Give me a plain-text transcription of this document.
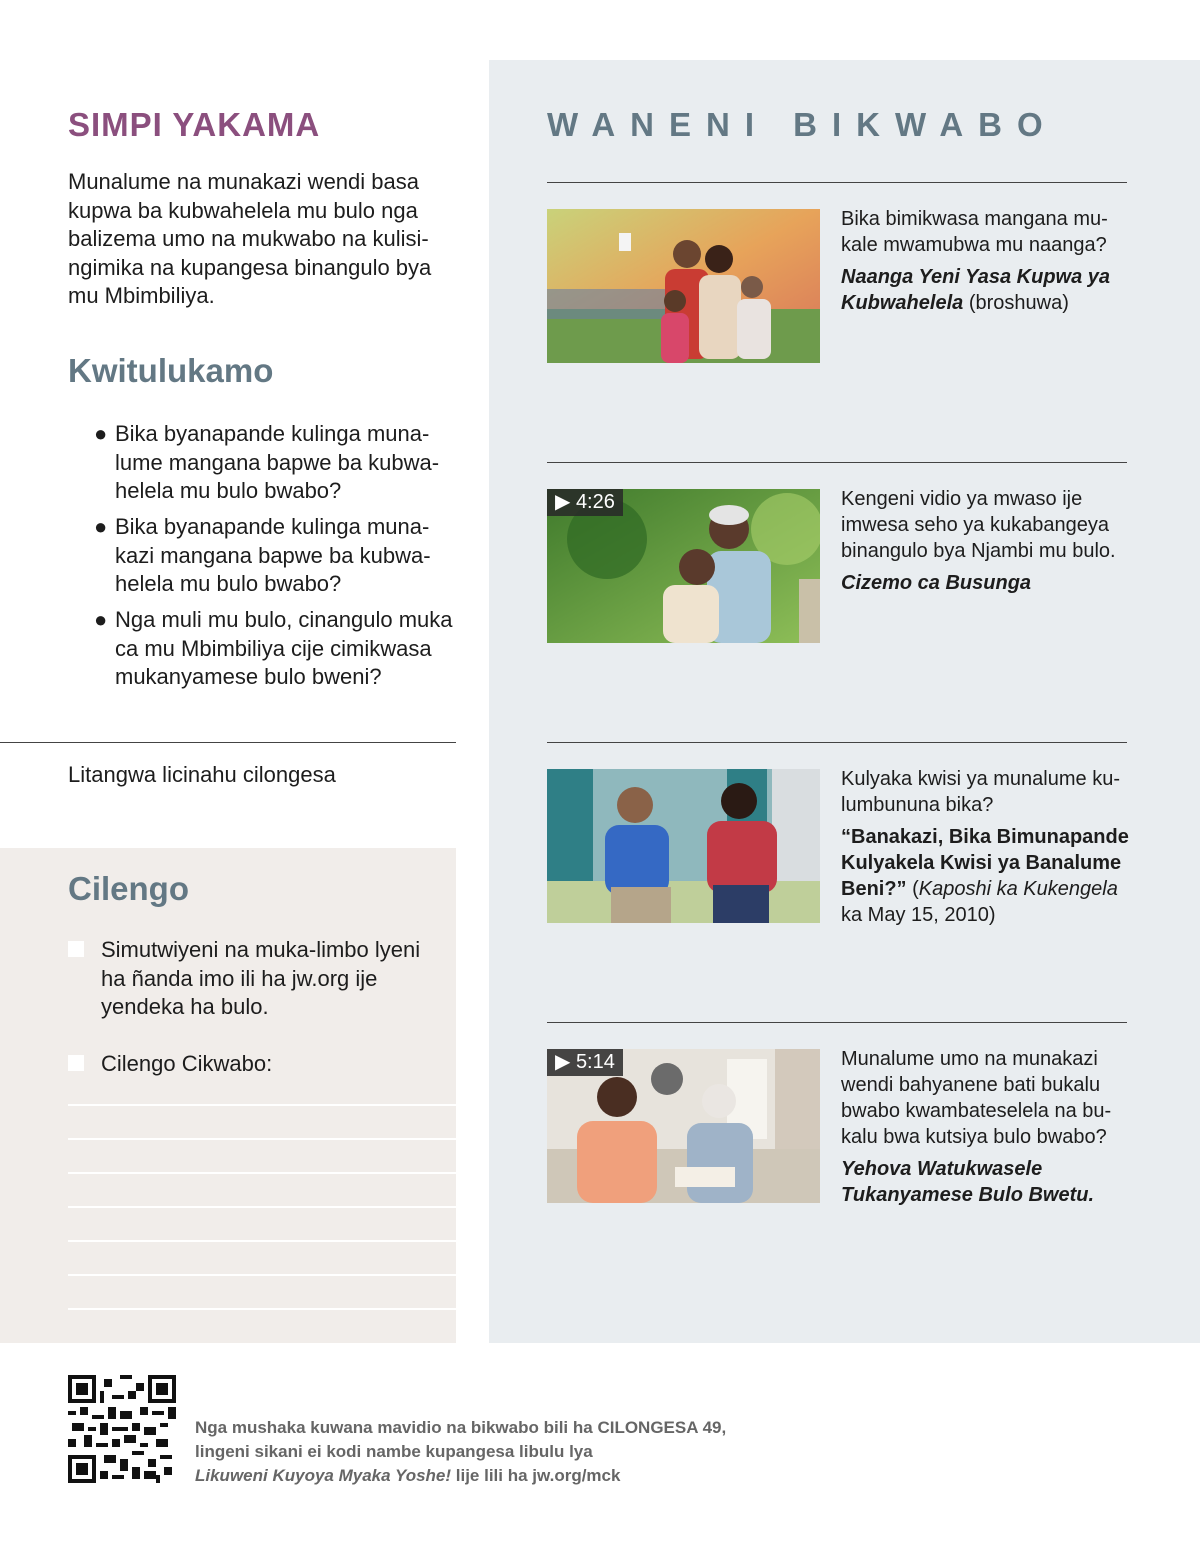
SIMPI YAKAMA

Munalume na munakazi wendi basa kupwa ba kubwahelela mu bulo nga balizema umo na mukwabo na kulisingimika na kupangesa binangulo bya mu Mbimbiliya.

Kwitulukamo
● Bika byanapande kulinga munalume mangana bapwe ba kubwahelela mu bulo bwabo?
● Bika byanapande kulinga munakazi mangana bapwe ba kubwahelela mu bulo bwabo?
● Nga muli mu bulo, cinangulo muka ca mu Mbimbiliya cije cimikwasa mukanyamese bulo bweni?

Litangwa licinahu cilongesa

Cilengo
Simutwiyeni na muka-limbo lyeni ha ñanda imo ili ha jw.org ije yendeka ha bulo.
Cilengo Cikwabo:
WANENI BIKWABO

Bika bimikwasa mangana mukale mwamubwa mu naanga?

Naanga Yeni Yasa Kupwa ya Kubwahelela (broshuwa)

▶ 4:26	Kengeni vidio ya mwaso ije imwesa seho ya kukabangeya binangulo bya Njambi mu bulo.

Cizemo ca Busunga

Kulyaka kwisi ya munalume kulumbununa bika?

“Banakazi, Bika Bimunapande Kulyakela Kwisi ya Banalume Beni?” (Kaposhi ka Kukengela ka May 15, 2010)

▶ 5:14	Munalume umo na munakazi wendi bahyanene bati bukalu bwabo kwambateselela na bukalu bwa kutsiya bulo bwabo?

Yehova Watukwasele Tukanyamese Bulo Bwetu.

Nga mushaka kuwana mavidio na bikwabo bili ha CILONGESA 49,
lingeni sikani ei kodi nambe kupangesa libulu lya
Likuweni Kuyoya Myaka Yoshe! lije lili ha jw.org/mck
